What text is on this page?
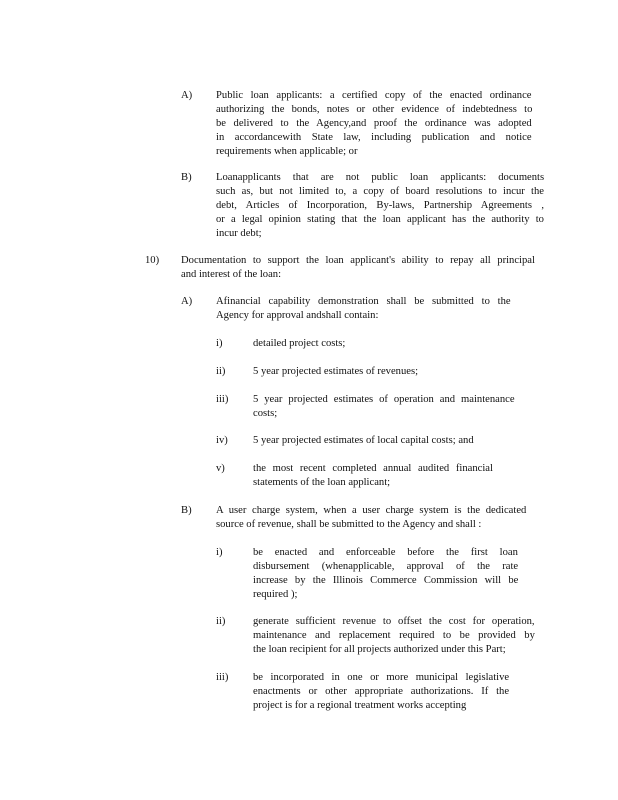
A) Public loan applicants: a certified copy of the enacted ordinance
authorizing the bonds, notes or other evidence of indebtedness to
be delivered to the Agency,and proof the ordinance was adopted
in accordancewith State law, including publication and notice
requirements when applicable; or
B) Loanapplicants that are not public loan applicants: documents
such as, but not limited to, a copy of board resolutions to incur the
debt, Articles of Incorporation, By-laws, Partnership Agreements ,
or a legal opinion stating that the loan applicant has the authority to
incur debt;
10) Documentation to support the loan applicant's ability to repay all principal
and interest of the loan:
A) Afinancial capability demonstration shall be submitted to the
Agency for approval andshall contain:
i)	detailed project costs;
ii)	5 year projected estimates of revenues;
iii) 5 year projected estimates of operation and maintenance
costs;
iv) 5 year projected estimates of local capital costs; and
v)	the most recent completed annual audited financial
statements of the loan applicant;
B) A user charge system, when a user charge system is the dedicated
source of revenue, shall be submitted to the Agency and shall :
i)	be enacted and enforceable before the first loan
disbursement (whenapplicable, approval of the rate
increase by the Illinois Commerce Commission will be
required );
ii)	generate sufficient revenue to offset the cost for operation,
maintenance and replacement required to be provided by
the loan recipient for all projects authorized under this Part;
iii) be incorporated in one or more municipal legislative
enactments or other appropriate authorizations. If the
project is for a regional treatment works accepting
